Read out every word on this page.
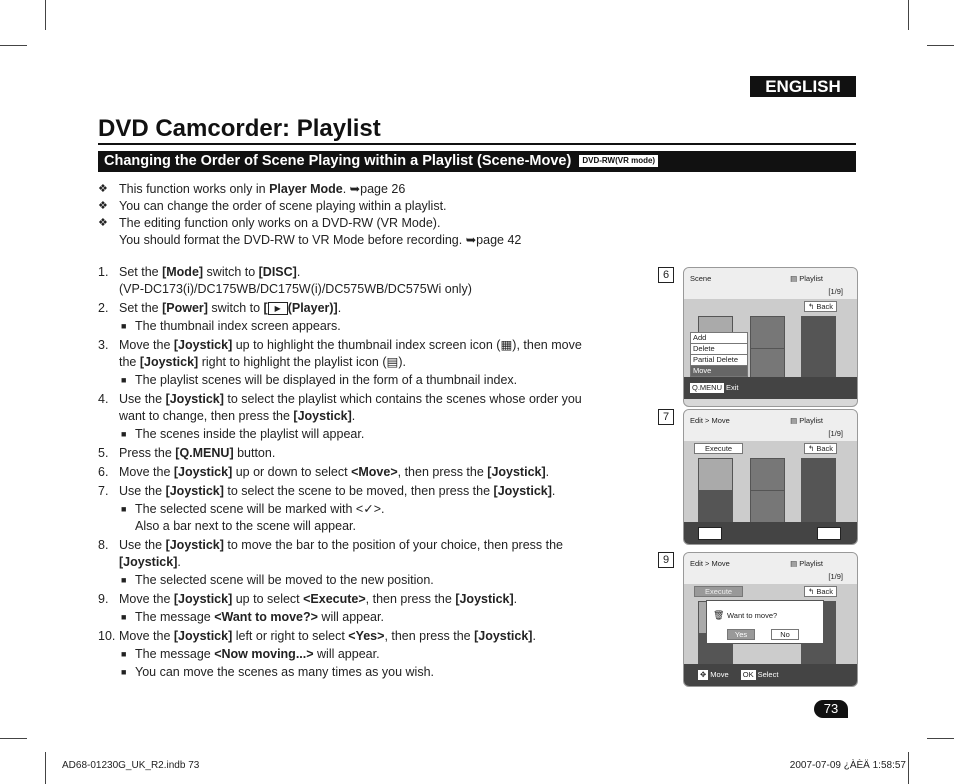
ENGLISH
DVD Camcorder: Playlist
Changing the Order of Scene Playing within a Playlist (Scene-Move) DVD-RW(VR mode)
❖ This function works only in Player Mode. ➥page 26
❖ You can change the order of scene playing within a playlist.
❖ The editing function only works on a DVD-RW (VR Mode).
You should format the DVD-RW to VR Mode before recording. ➥page 42
1. Set the [Mode] switch to [DISC].
(VP-DC173(i)/DC175WB/DC175W(i)/DC575WB/DC575Wi only)
2. Set the [Power] switch to [ ▶ (Player)].
■ The thumbnail index screen appears.
3. Move the [Joystick] up to highlight the thumbnail index screen icon (▦), then move
the [Joystick] right to highlight the playlist icon (▤).
■ The playlist scenes will be displayed in the form of a thumbnail index.
4. Use the [Joystick] to select the playlist which contains the scenes whose order you
want to change, then press the [Joystick].
■ The scenes inside the playlist will appear.
5. Press the [Q.MENU] button.
6. Move the [Joystick] up or down to select <Move>, then press the [Joystick].
7. Use the [Joystick] to select the scene to be moved, then press the [Joystick].
■ The selected scene will be marked with <✓>.
Also a bar next to the scene will appear.
8. Use the [Joystick] to move the bar to the position of your choice, then press the
[Joystick].
■ The selected scene will be moved to the new position.
9. Move the [Joystick] up to select <Execute>, then press the [Joystick].
■ The message <Want to move?> will appear.
10. Move the [Joystick] left or right to select <Yes>, then press the [Joystick].
■ The message <Now moving...> will appear.
■ You can move the scenes as many times as you wish.
6	Scene	▤ Playlist
[1/9]
↰ Back
Add
Delete
Partial Delete
Move
Q.MENU Exit
7	Edit > Move	▤ Playlist
[1/9]
Execute	↰ Back
⟵	⟶
9	Edit > Move	▤ Playlist
[1/9]
Execute	↰ Back
🗑 Want to move?
Yes	No
✥ Move OK Select
73
AD68-01230G_UK_R2.indb 73	2007-07-09 ¿ÀÈÄ 1:58:57
